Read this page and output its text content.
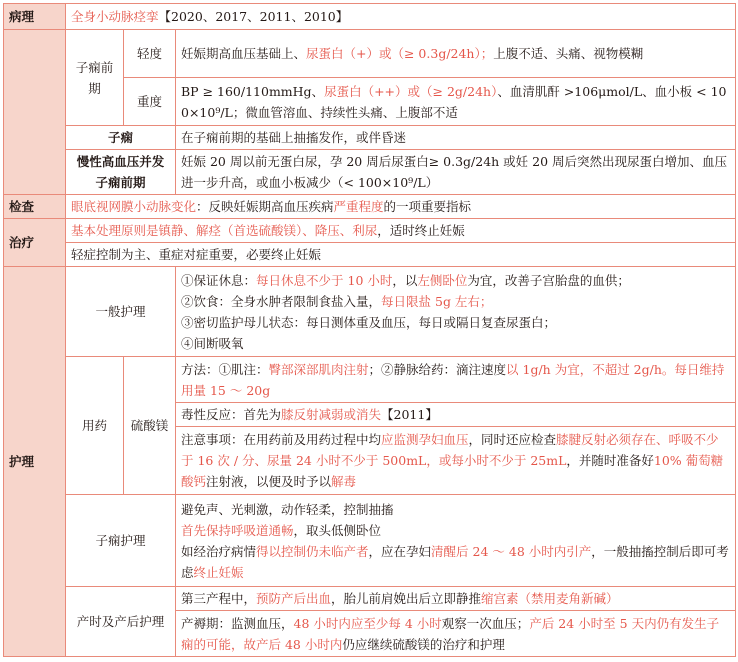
病理	全身小动脉痉挛【2020、2017、2011、2010】		
	子痫前期	轻度	妊娠期高血压基础上、尿蛋白（+）或（≥ 0.3g/24h）；上腹不适、头痛、视物模糊
		重度	BP ≥ 160/110mmHg、尿蛋白（++）或（≥ 2g/24h）、血清肌酐 >106μmol/L、血小板 < 100×10⁹/L；微血管溶血、持续性头痛、上腹部不适
	子痫		在子痫前期的基础上抽搐发作，或伴昏迷
	慢性高血压并发子痫前期		妊娠 20 周以前无蛋白尿，孕 20 周后尿蛋白≥ 0.3g/24h 或妊 20 周后突然出现尿蛋白增加、血压进一步升高，或血小板减少（< 100×10⁹/L）
检查	眼底视网膜小动脉变化：反映妊娠期高血压疾病严重程度的一项重要指标		
治疗	基本处理原则是镇静、解痉（首选硫酸镁）、降压、利尿，适时终止妊娠		
	轻症控制为主、重症对症重要，必要终止妊娠		
护理	一般护理		①保证休息：每日休息不少于 10 小时，以左侧卧位为宜，改善子宫胎盘的血供；
②饮食：全身水肿者限制食盐入量，每日限盐 5g 左右；
③密切监护母儿状态：每日测体重及血压，每日或隔日复查尿蛋白；
④间断吸氧

	用药	硫酸镁	方法：①肌注：臀部深部肌肉注射；②静脉给药：滴注速度以 1g/h 为宜，不超过 2g/h。每日维持用量 15 ～ 20g
			毒性反应：首先为膝反射减弱或消失【2011】
			注意事项：在用药前及用药过程中均应监测孕妇血压，同时还应检查膝腱反射必须存在、呼吸不少于 16 次 / 分、尿量 24 小时不少于 500mL，或每小时不少于 25mL，并随时准备好10% 葡萄糖酸钙注射液，以便及时予以解毒
	子痫护理		避免声、光刺激，动作轻柔，控制抽搐
首先保持呼吸道通畅，取头低侧卧位
如经治疗病情得以控制仍未临产者，应在孕妇清醒后 24 ～ 48 小时内引产，一般抽搐控制后即可考虑终止妊娠

	产时及产后护理		第三产程中，预防产后出血，胎儿前肩娩出后立即静推缩宫素（禁用麦角新碱）
			产褥期：监测血压，48 小时内应至少每 4 小时观察一次血压；产后 24 小时至 5 天内仍有发生子痫的可能，故产后 48 小时内仍应继续硫酸镁的治疗和护理
